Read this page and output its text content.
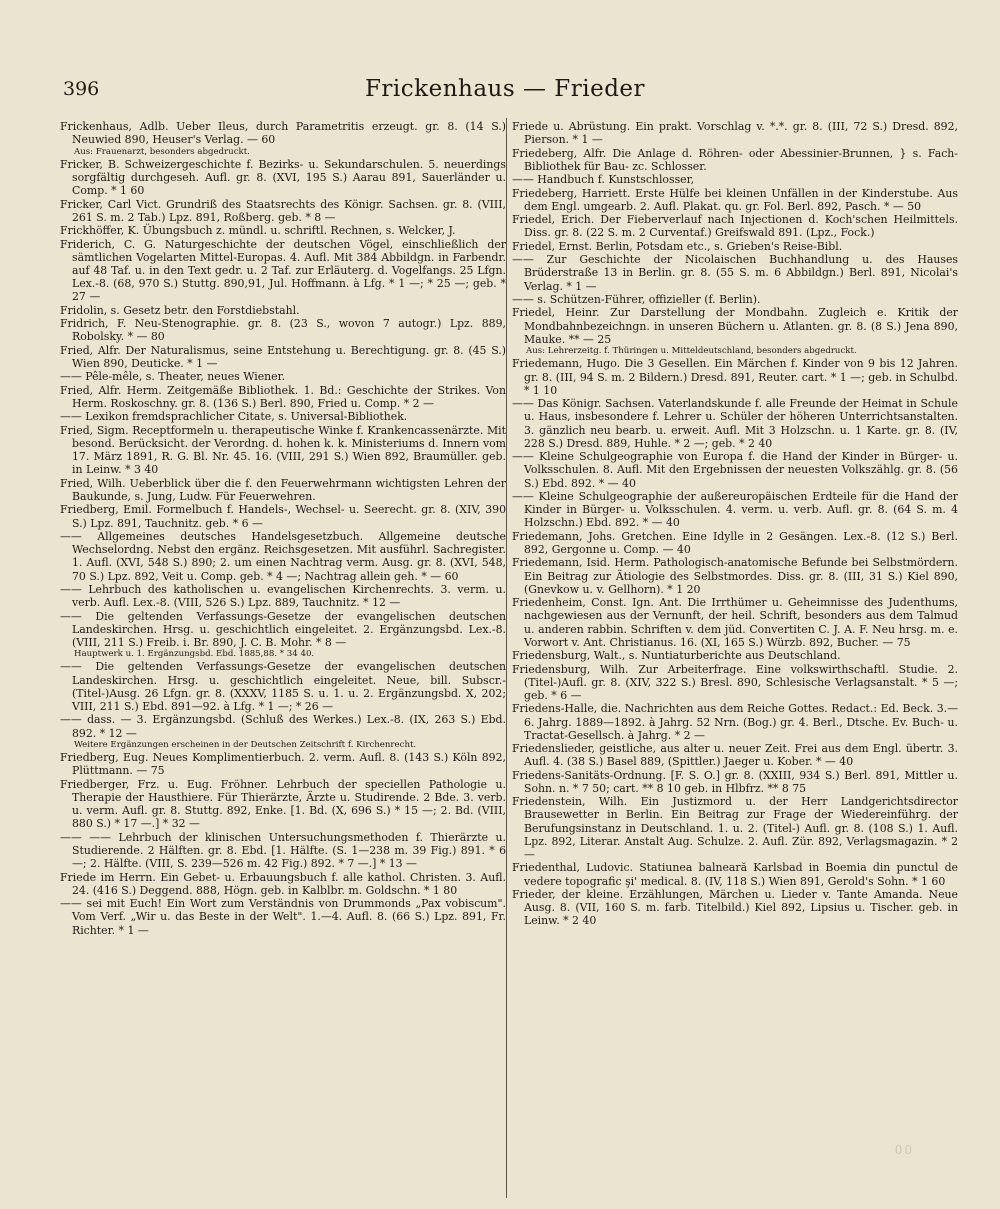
396	Frickenhaus — Frieder

Frickenhaus, Adlb. Ueber Ileus, durch Parametritis erzeugt. gr. 8. (14 S.) Neuwied 890, Heuser's Verlag. — 60

Aus: Frauenarzt, besonders abgedruckt.

Fricker, B. Schweizergeschichte f. Bezirks- u. Sekundarschulen. 5. neuerdings sorgfältig durchgeseh. Aufl. gr. 8. (XVI, 195 S.) Aarau 891, Sauerländer u. Comp. * 1 60

Fricker, Carl Vict. Grundriß des Staatsrechts des Königr. Sachsen. gr. 8. (VIII, 261 S. m. 2 Tab.) Lpz. 891, Roßberg. geb. * 8 —

Frickhöffer, K. Übungsbuch z. mündl. u. schriftl. Rechnen, s. Welcker, J.

Friderich, C. G. Naturgeschichte der deutschen Vögel, einschließlich der sämtlichen Vogelarten Mittel-Europas. 4. Aufl. Mit 384 Abbildgn. in Farbendr. auf 48 Taf. u. in den Text gedr. u. 2 Taf. zur Erläuterg. d. Vogelfangs. 25 Lfgn. Lex.-8. (68, 970 S.) Stuttg. 890,91, Jul. Hoffmann. à Lfg. * 1 —; * 25 —; geb. * 27 —

Fridolin, s. Gesetz betr. den Forstdiebstahl.

Fridrich, F. Neu-Stenographie. gr. 8. (23 S., wovon 7 autogr.) Lpz. 889, Robolsky. * — 80

Fried, Alfr. Der Naturalismus, seine Entstehung u. Berechtigung. gr. 8. (45 S.) Wien 890, Deuticke. * 1 —

—— Pêle-mêle, s. Theater, neues Wiener.

Fried, Alfr. Herm. Zeitgemäße Bibliothek. 1. Bd.: Geschichte der Strikes. Von Herm. Roskoschny. gr. 8. (136 S.) Berl. 890, Fried u. Comp. * 2 —

—— Lexikon fremdsprachlicher Citate, s. Universal-Bibliothek.

Fried, Sigm. Receptformeln u. therapeutische Winke f. Krankencassenärzte. Mit besond. Berücksicht. der Verordng. d. hohen k. k. Ministeriums d. Innern vom 17. März 1891, R. G. Bl. Nr. 45. 16. (VIII, 291 S.) Wien 892, Braumüller. geb. in Leinw. * 3 40

Fried, Wilh. Ueberblick über die f. den Feuerwehrmann wichtigsten Lehren der Baukunde, s. Jung, Ludw. Für Feuerwehren.

Friedberg, Emil. Formelbuch f. Handels-, Wechsel- u. Seerecht. gr. 8. (XIV, 390 S.) Lpz. 891, Tauchnitz. geb. * 6 —

—— Allgemeines deutsches Handelsgesetzbuch. Allgemeine deutsche Wechselordng. Nebst den ergänz. Reichsgesetzen. Mit ausführl. Sachregister. 1. Aufl. (XVI, 548 S.) 890; 2. um einen Nachtrag verm. Ausg. gr. 8. (XVI, 548, 70 S.) Lpz. 892, Veit u. Comp. geb. * 4 —; Nachtrag allein geh. * — 60

—— Lehrbuch des katholischen u. evangelischen Kirchenrechts. 3. verm. u. verb. Aufl. Lex.-8. (VIII, 526 S.) Lpz. 889, Tauchnitz. * 12 —

—— Die geltenden Verfassungs-Gesetze der evangelischen deutschen Landeskirchen. Hrsg. u. geschichtlich eingeleitet. 2. Ergänzungsbd. Lex.-8. (VIII, 211 S.) Freib. i. Br. 890, J. C. B. Mohr. * 8 —

Hauptwerk u. 1. Ergänzungsbd. Ebd. 1885,88. * 34 40.

—— Die geltenden Verfassungs-Gesetze der evangelischen deutschen Landeskirchen. Hrsg. u. geschichtlich eingeleitet. Neue, bill. Subscr.-(Titel-)Ausg. 26 Lfgn. gr. 8. (XXXV, 1185 S. u. 1. u. 2. Ergänzungsbd. X, 202; VIII, 211 S.) Ebd. 891—92. à Lfg. * 1 —; * 26 —

—— dass. — 3. Ergänzungsbd. (Schluß des Werkes.) Lex.-8. (IX, 263 S.) Ebd. 892. * 12 —

Weitere Ergänzungen erscheinen in der Deutschen Zeitschrift f. Kirchenrecht.

Friedberg, Eug. Neues Komplimentierbuch. 2. verm. Aufl. 8. (143 S.) Köln 892, Plüttmann. — 75

Friedberger, Frz. u. Eug. Fröhner. Lehrbuch der speciellen Pathologie u. Therapie der Hausthiere. Für Thierärzte, Ärzte u. Studirende. 2 Bde. 3. verb. u. verm. Aufl. gr. 8. Stuttg. 892, Enke. [1. Bd. (X, 696 S.) * 15 —; 2. Bd. (VIII, 880 S.) * 17 —.] * 32 —

—— —— Lehrbuch der klinischen Untersuchungsmethoden f. Thierärzte u. Studierende. 2 Hälften. gr. 8. Ebd. [1. Hälfte. (S. 1—238 m. 39 Fig.) 891. * 6 —; 2. Hälfte. (VIII, S. 239—526 m. 42 Fig.) 892. * 7 —.] * 13 —

Friede im Herrn. Ein Gebet- u. Erbauungsbuch f. alle kathol. Christen. 3. Aufl. 24. (416 S.) Deggend. 888, Högn. geb. in Kalblbr. m. Goldschn. * 1 80

—— sei mit Euch! Ein Wort zum Verständnis von Drummonds „Pax vobiscum". Vom Verf. „Wir u. das Beste in der Welt". 1.—4. Aufl. 8. (66 S.) Lpz. 891, Fr. Richter. * 1 —

Friede u. Abrüstung. Ein prakt. Vorschlag v. *.*. gr. 8. (III, 72 S.) Dresd. 892, Pierson. * 1 —

Friedeberg, Alfr. Die Anlage d. Röhren- oder Abessinier-Brunnen, } s. Fach-Bibliothek für Bau- zc. Schlosser.

—— Handbuch f. Kunstschlosser,

Friedeberg, Harriett. Erste Hülfe bei kleinen Unfällen in der Kinderstube. Aus dem Engl. umgearb. 2. Aufl. Plakat. qu. gr. Fol. Berl. 892, Pasch. * — 50

Friedel, Erich. Der Fieberverlauf nach Injectionen d. Koch'schen Heilmittels. Diss. gr. 8. (22 S. m. 2 Curventaf.) Greifswald 891. (Lpz., Fock.)

Friedel, Ernst. Berlin, Potsdam etc., s. Grieben's Reise-Bibl.

—— Zur Geschichte der Nicolaischen Buchhandlung u. des Hauses Brüderstraße 13 in Berlin. gr. 8. (55 S. m. 6 Abbildgn.) Berl. 891, Nicolai's Verlag. * 1 —

—— s. Schützen-Führer, offizieller (f. Berlin).

Friedel, Heinr. Zur Darstellung der Mondbahn. Zugleich e. Kritik der Mondbahnbezeichngn. in unseren Büchern u. Atlanten. gr. 8. (8 S.) Jena 890, Mauke. ** — 25

Aus: Lehrerzeitg. f. Thüringen u. Mitteldeutschland, besonders abgedruckt.

Friedemann, Hugo. Die 3 Gesellen. Ein Märchen f. Kinder von 9 bis 12 Jahren. gr. 8. (III, 94 S. m. 2 Bildern.) Dresd. 891, Reuter. cart. * 1 —; geb. in Schulbd. * 1 10

—— Das Königr. Sachsen. Vaterlandskunde f. alle Freunde der Heimat in Schule u. Haus, insbesondere f. Lehrer u. Schüler der höheren Unterrichtsanstalten. 3. gänzlich neu bearb. u. erweit. Aufl. Mit 3 Holzschn. u. 1 Karte. gr. 8. (IV, 228 S.) Dresd. 889, Huhle. * 2 —; geb. * 2 40

—— Kleine Schulgeographie von Europa f. die Hand der Kinder in Bürger- u. Volksschulen. 8. Aufl. Mit den Ergebnissen der neuesten Volkszählg. gr. 8. (56 S.) Ebd. 892. * — 40

—— Kleine Schulgeographie der außereuropäischen Erdteile für die Hand der Kinder in Bürger- u. Volksschulen. 4. verm. u. verb. Aufl. gr. 8. (64 S. m. 4 Holzschn.) Ebd. 892. * — 40

Friedemann, Johs. Gretchen. Eine Idylle in 2 Gesängen. Lex.-8. (12 S.) Berl. 892, Gergonne u. Comp. — 40

Friedemann, Isid. Herm. Pathologisch-anatomische Befunde bei Selbstmördern. Ein Beitrag zur Ätiologie des Selbstmordes. Diss. gr. 8. (III, 31 S.) Kiel 890, (Gnevkow u. v. Gellhorn). * 1 20

Friedenheim, Const. Ign. Ant. Die Irrthümer u. Geheimnisse des Judenthums, nachgewiesen aus der Vernunft, der heil. Schrift, besonders aus dem Talmud u. anderen rabbin. Schriften v. dem jüd. Convertiten C. J. A. F. Neu hrsg. m. e. Vorwort v. Ant. Christianus. 16. (XI, 165 S.) Würzb. 892, Bucher. — 75

Friedensburg, Walt., s. Nuntiaturberichte aus Deutschland.

Friedensburg, Wilh. Zur Arbeiterfrage. Eine volkswirthschaftl. Studie. 2. (Titel-)Aufl. gr. 8. (XIV, 322 S.) Bresl. 890, Schlesische Verlagsanstalt. * 5 —; geb. * 6 —

Friedens-Halle, die. Nachrichten aus dem Reiche Gottes. Redact.: Ed. Beck. 3.—6. Jahrg. 1889—1892. à Jahrg. 52 Nrn. (Bog.) gr. 4. Berl., Dtsche. Ev. Buch- u. Tractat-Gesellsch. à Jahrg. * 2 —

Friedenslieder, geistliche, aus alter u. neuer Zeit. Frei aus dem Engl. übertr. 3. Aufl. 4. (38 S.) Basel 889, (Spittler.) Jaeger u. Kober. * — 40

Friedens-Sanitäts-Ordnung. [F. S. O.] gr. 8. (XXIII, 934 S.) Berl. 891, Mittler u. Sohn. n. * 7 50; cart. ** 8 10 geb. in Hlbfrz. ** 8 75

Friedenstein, Wilh. Ein Justizmord u. der Herr Landgerichtsdirector Brausewetter in Berlin. Ein Beitrag zur Frage der Wiedereinführg. der Berufungsinstanz in Deutschland. 1. u. 2. (Titel-) Aufl. gr. 8. (108 S.) 1. Aufl. Lpz. 892, Literar. Anstalt Aug. Schulze. 2. Aufl. Zür. 892, Verlagsmagazin. * 2 —

Friedenthal, Ludovic. Statiunea balneară Karlsbad in Boemia din punctul de vedere topografic şi' medical. 8. (IV, 118 S.) Wien 891, Gerold's Sohn. * 1 60

Frieder, der kleine. Erzählungen, Märchen u. Lieder v. Tante Amanda. Neue Ausg. 8. (VII, 160 S. m. farb. Titelbild.) Kiel 892, Lipsius u. Tischer. geb. in Leinw. * 2 40

00
